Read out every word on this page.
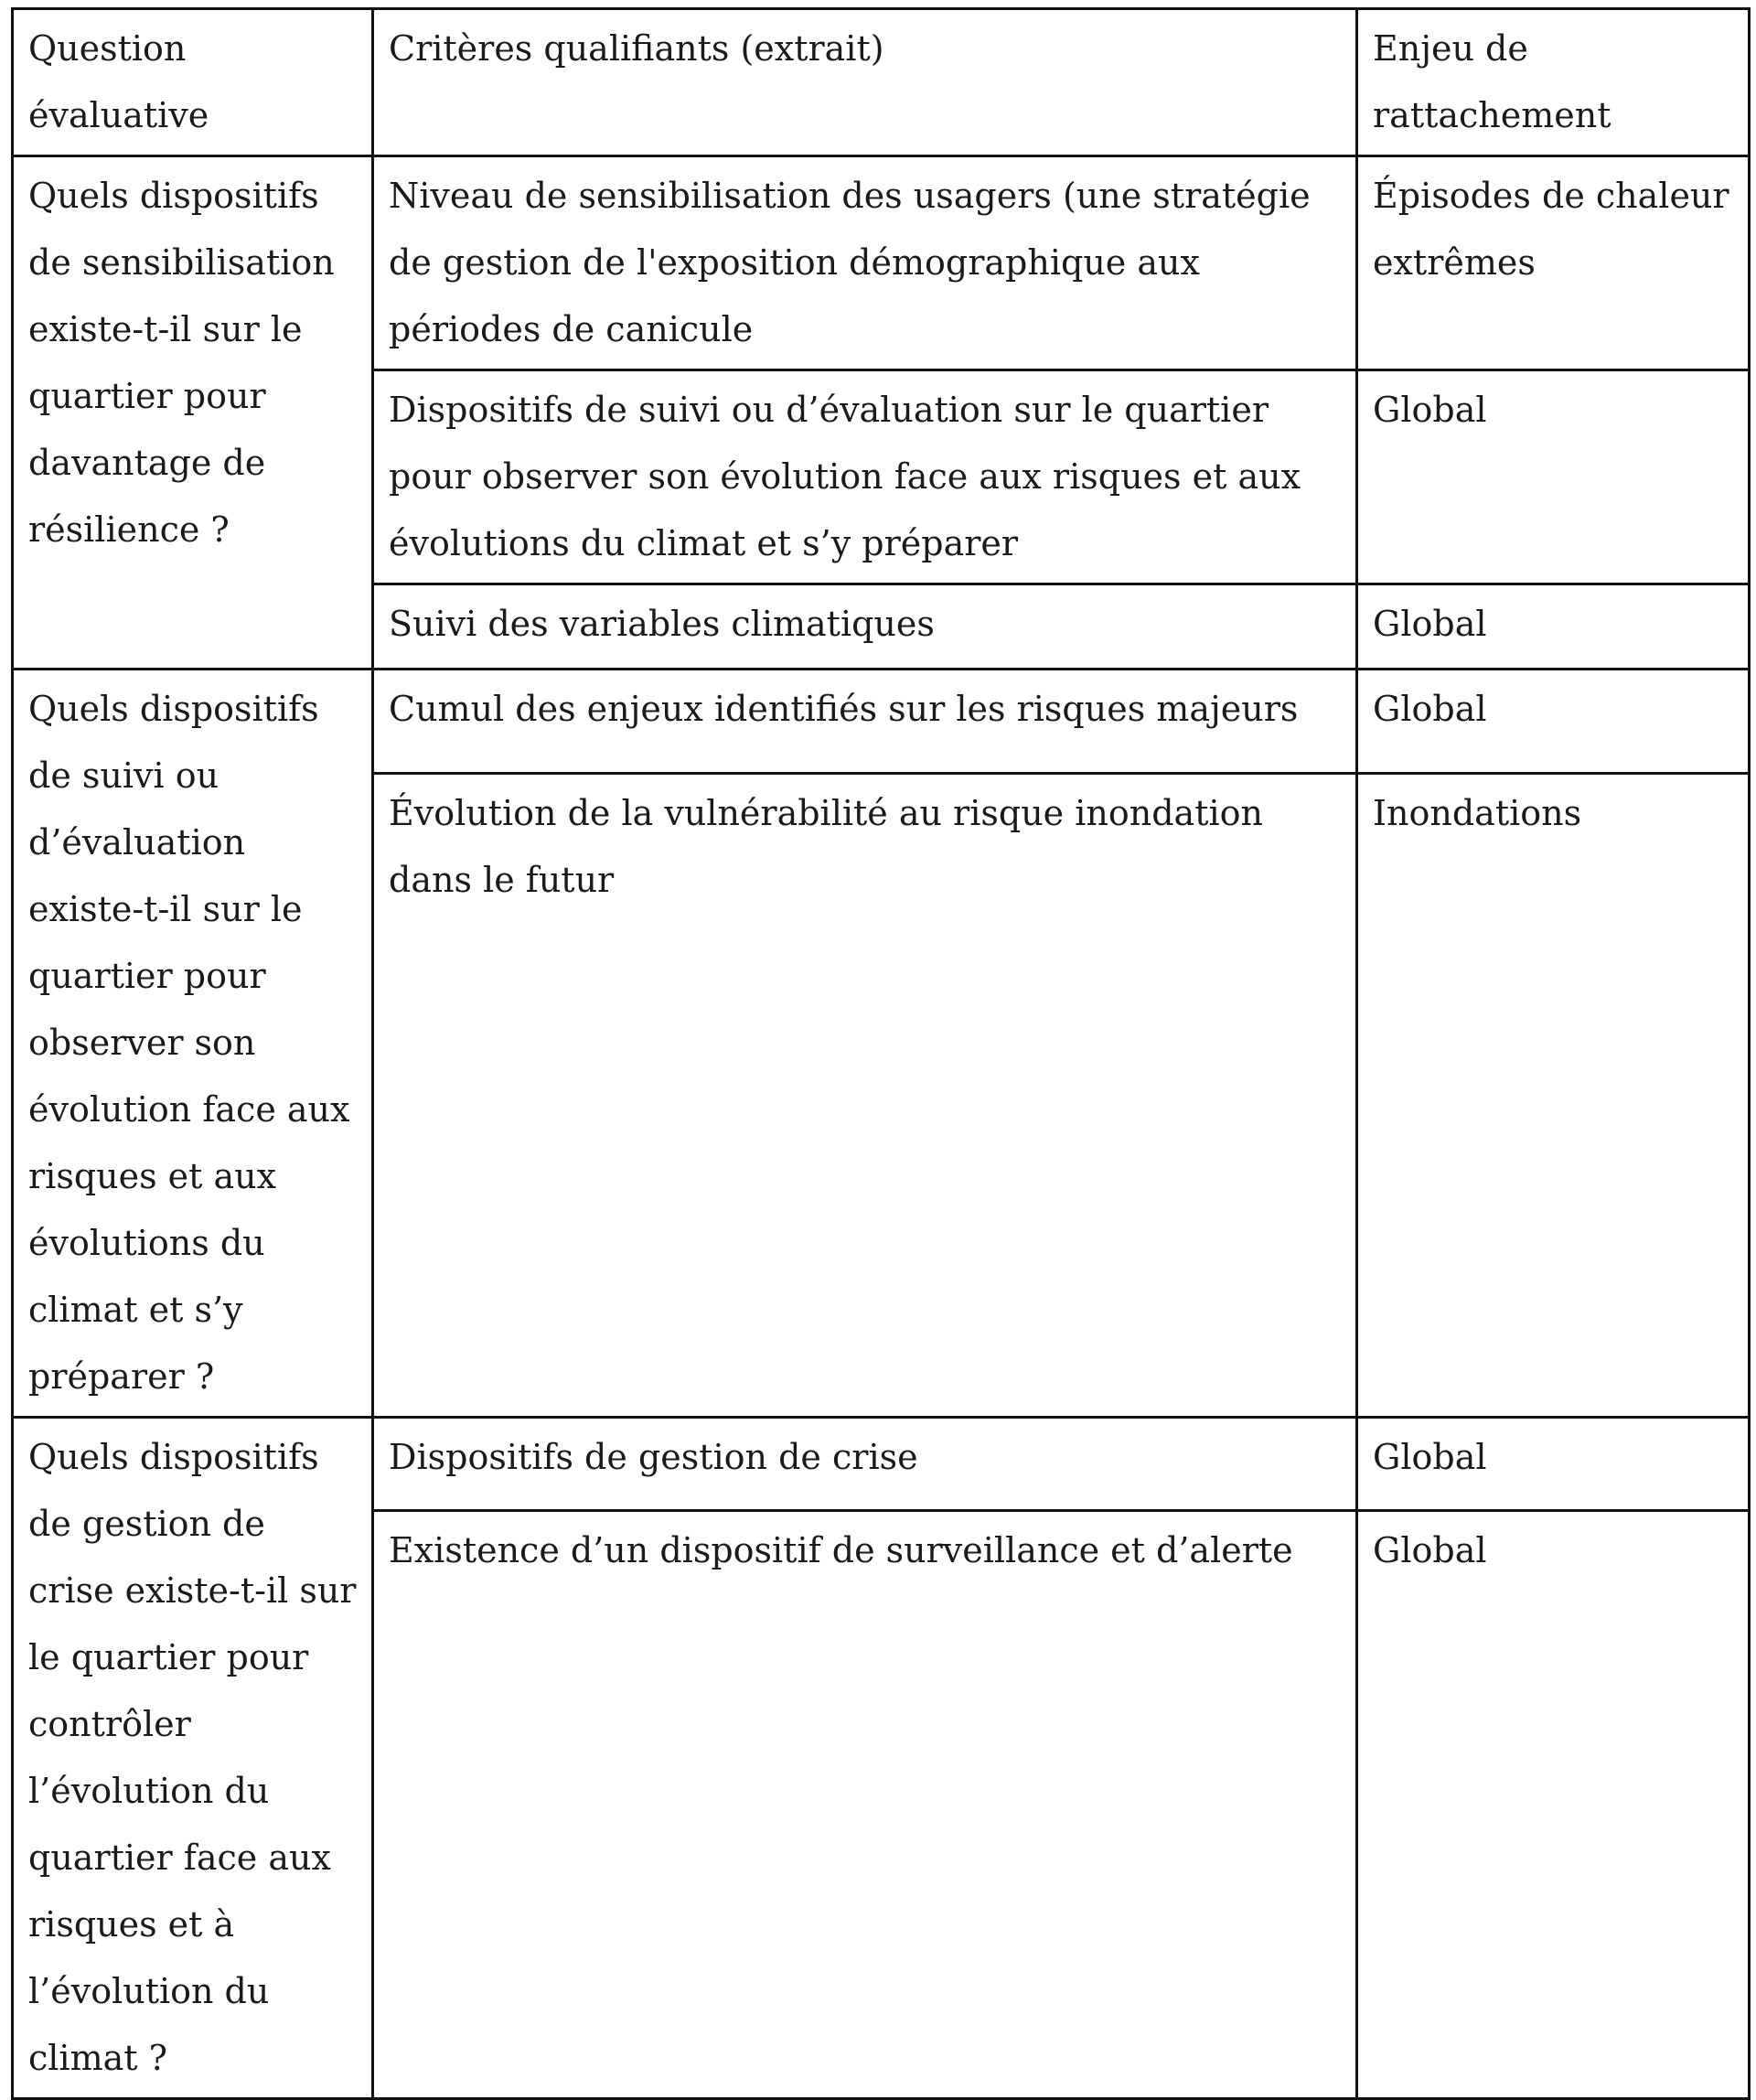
Question évaluative	Critères qualifiants (extrait)	Enjeu de rattachement

Quels dispositifs de sensibilisation existe-t-il sur le quartier pour davantage de résilience ?	Niveau de sensibilisation des usagers (une stratégie de gestion de l'exposition démographique aux périodes de canicule	Épisodes de chaleur extrêmes

	Dispositifs de suivi ou d’évaluation sur le quartier pour observer son évolution face aux risques et aux évolutions du climat et s’y préparer	Global

	Suivi des variables climatiques	Global

Quels dispositifs de suivi ou d’évaluation existe-t-il sur le quartier pour observer son évolution face aux risques et aux évolutions du climat et s’y préparer ?	Cumul des enjeux identifiés sur les risques majeurs	Global

	Évolution de la vulnérabilité au risque inondation dans le futur	Inondations

Quels dispositifs de gestion de crise existe-t-il sur le quartier pour contrôler l’évolution du quartier face aux risques et à l’évolution du climat ?	Dispositifs de gestion de crise	Global

	Existence d’un dispositif de surveillance et d’alerte	Global
